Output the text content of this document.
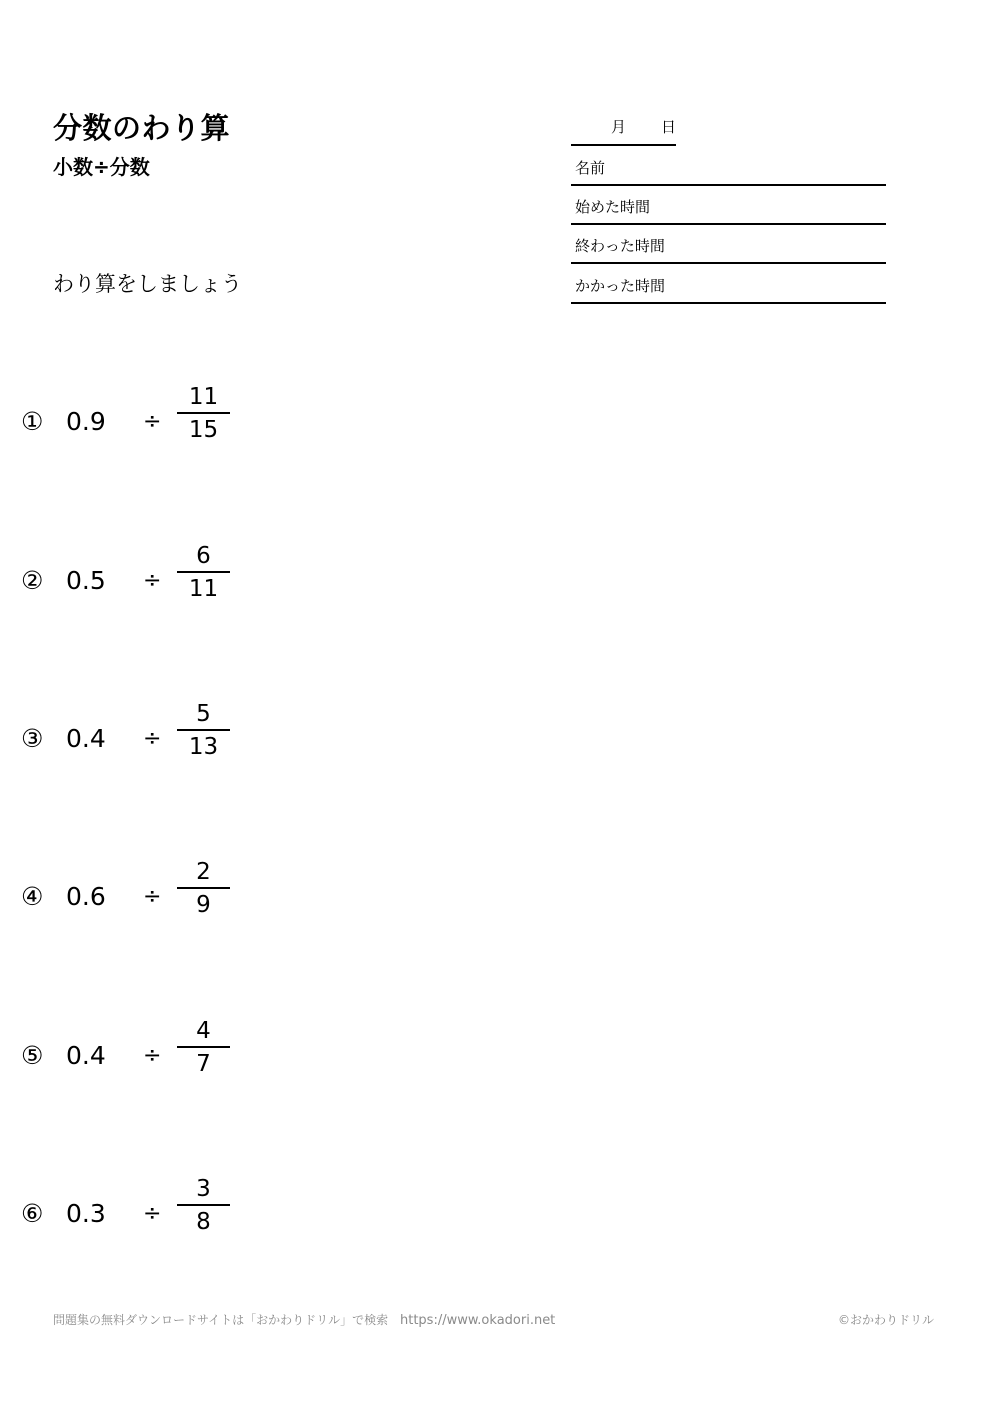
分数のわり算
小数÷分数
わり算をしましょう
月 日
名前
始めた時間
終わった時間
かかった時間
① 0.9 ÷
11
15
② 0.5 ÷
6
11
③ 0.4 ÷
5
13
④ 0.6 ÷
2
9
⑤ 0.4 ÷
4
7
⑥ 0.3 ÷
3
8
問題集の無料ダウンロードサイトは「おかわりドリル」で検索 https://www.okadori.net	©おかわりドリル
